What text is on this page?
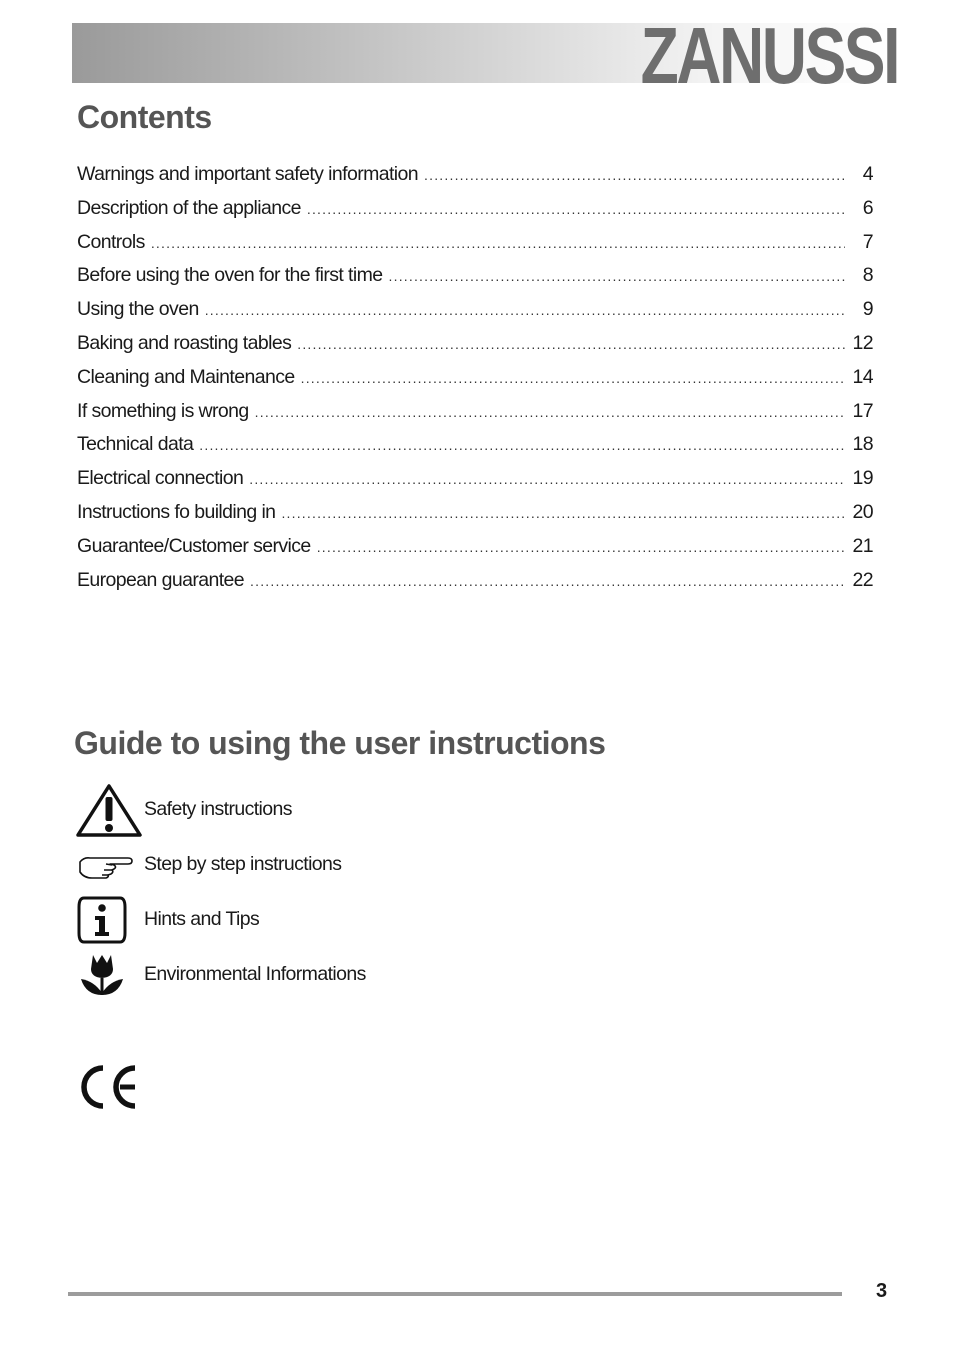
ZANUSSI
Contents
Warnings and important safety information .....	4
Description of the appliance .....	6
Controls .....	7
Before using the oven for the first time .....	8
Using the oven .....	9
Baking and roasting tables .....	12
Cleaning and Maintenance .....	14
If something is wrong .....	17
Technical data .....	18
Electrical connection .....	19
Instructions fo building in .....	20
Guarantee/Customer service .....	21
European guarantee .....	22
Guide to using the user instructions
Safety instructions
Step by step instructions
Hints and Tips
Environmental Informations
3
